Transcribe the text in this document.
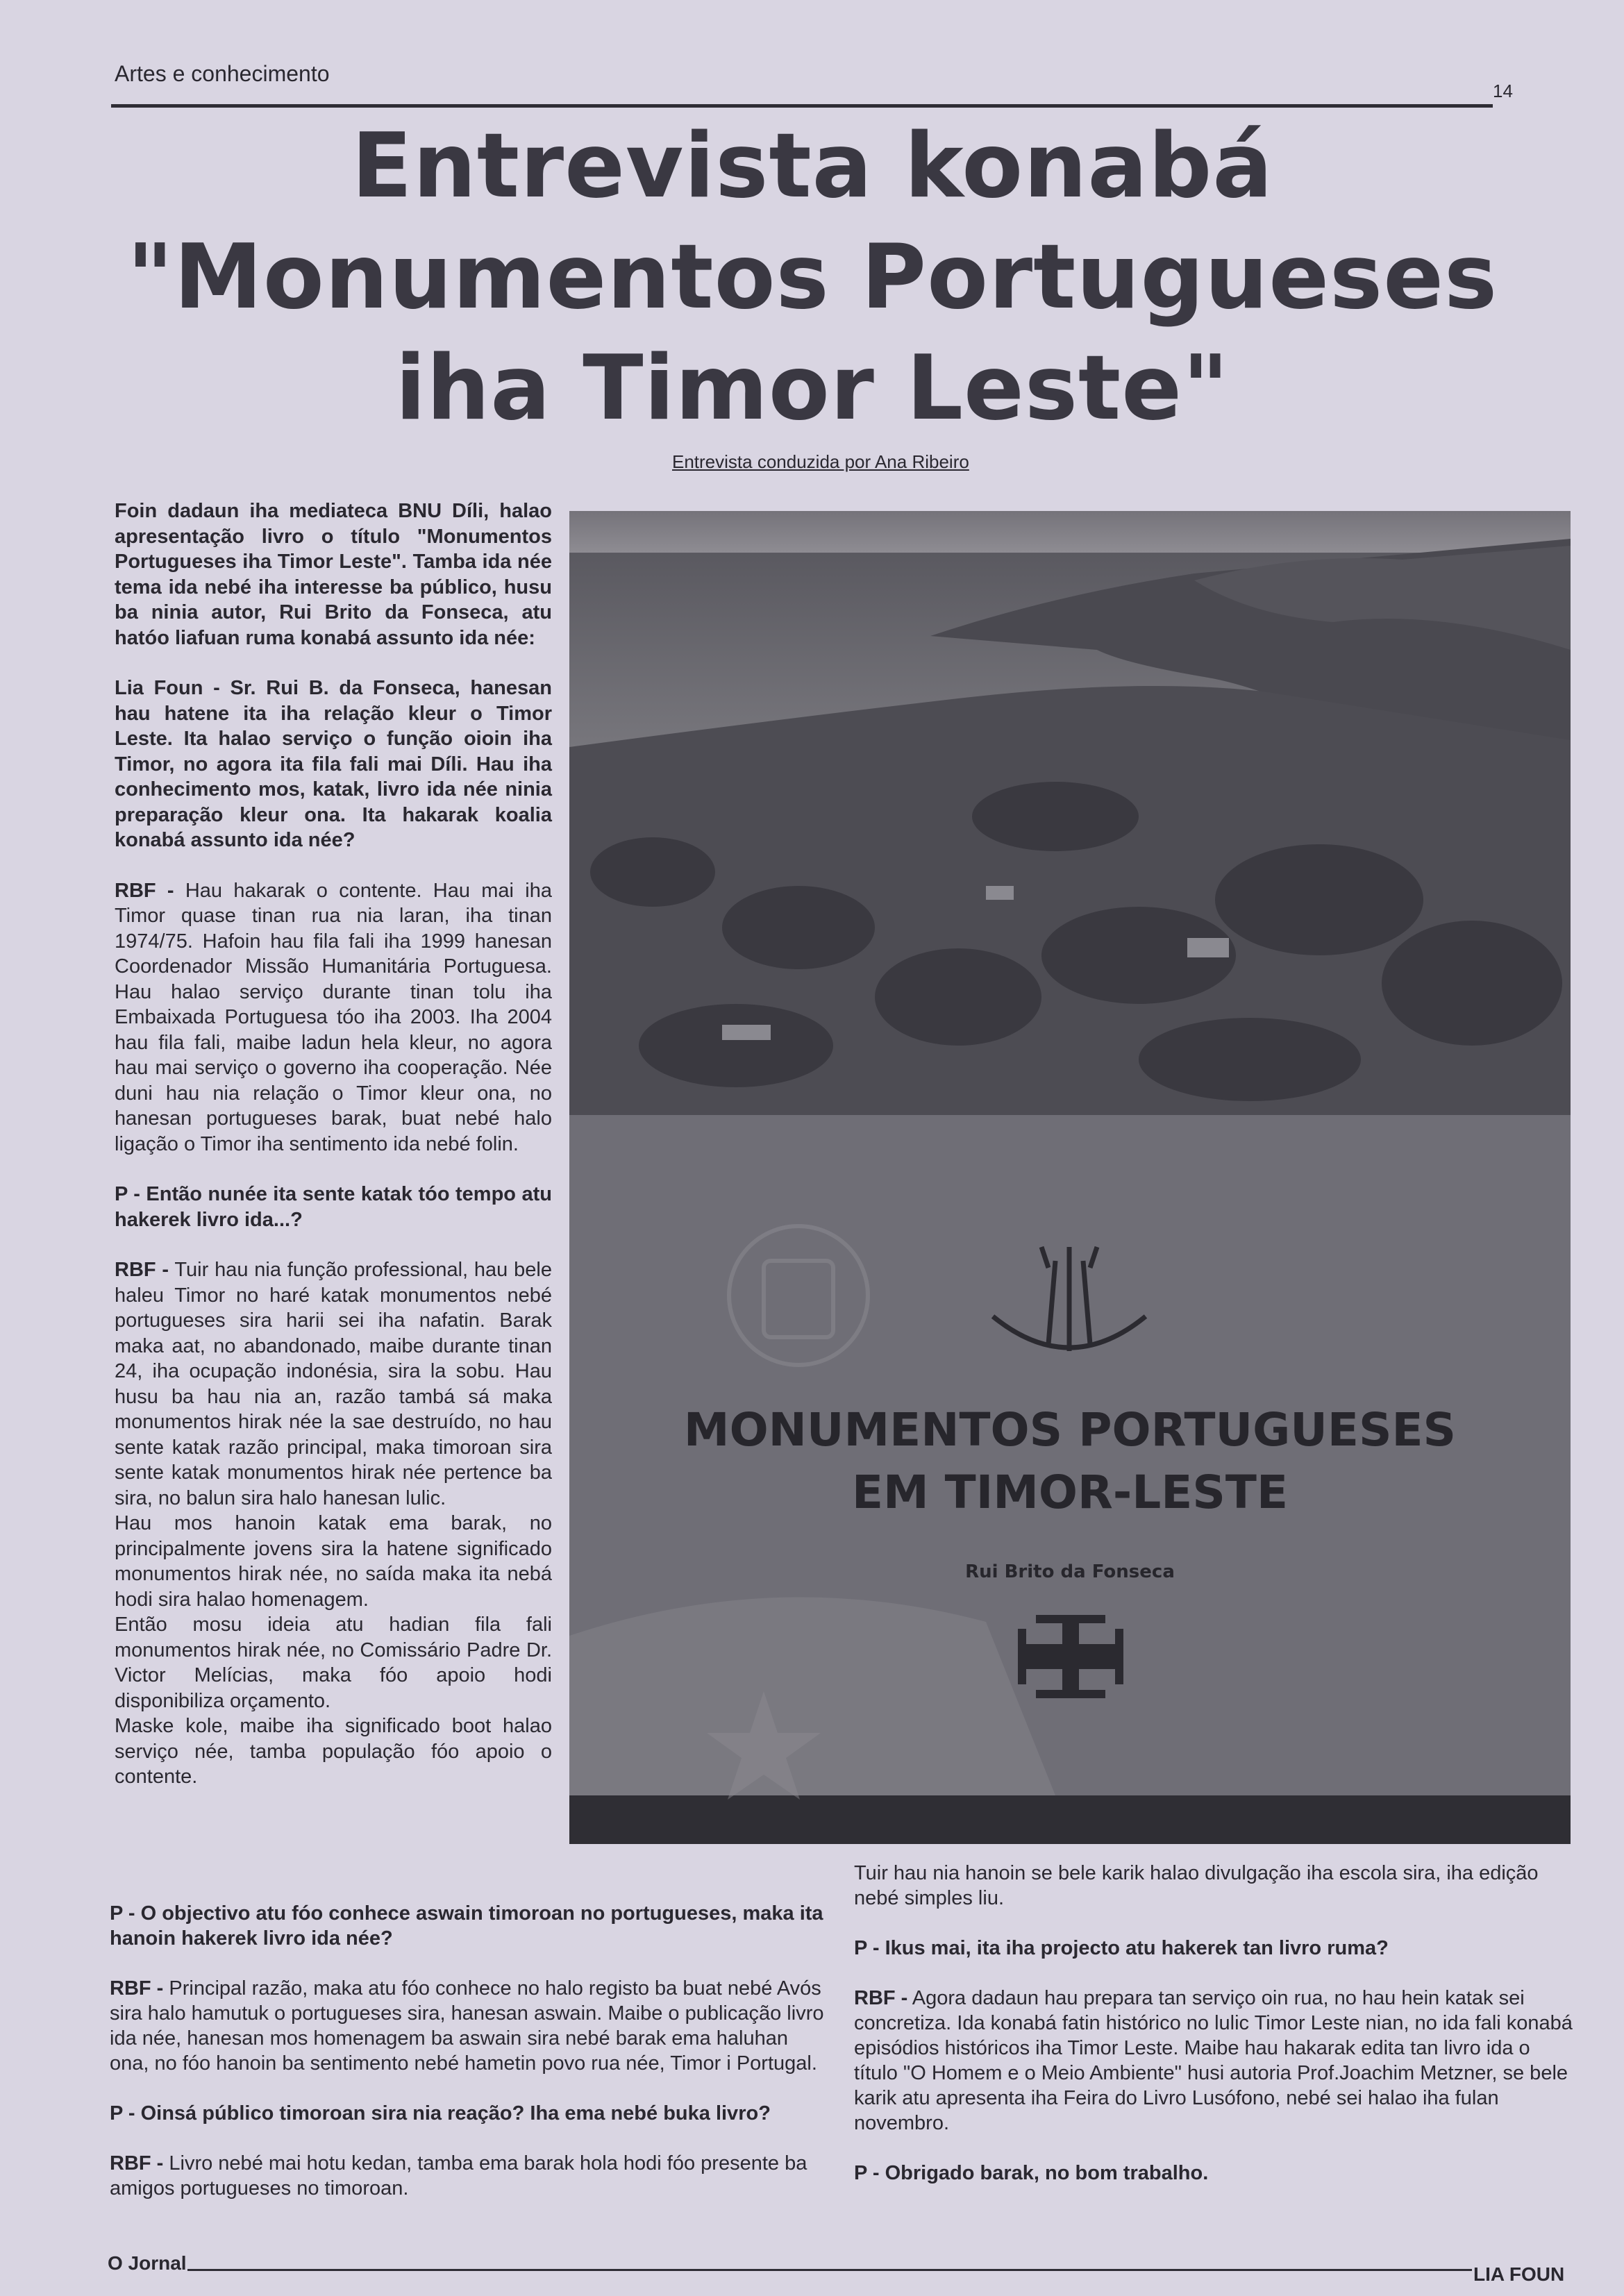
Artes e conhecimento
14
Entrevista konabá
"Monumentos Portugueses
iha Timor Leste"
Entrevista conduzida por Ana Ribeiro

Foin dadaun iha mediateca BNU Díli, halao apresentação livro o título "Monumentos Portugueses iha Timor Leste". Tamba ida née tema ida nebé iha interesse ba público, husu ba ninia autor, Rui Brito da Fonseca, atu hatóo liafuan ruma konabá assunto ida née:

Lia Foun - Sr. Rui B. da Fonseca, hanesan hau hatene ita iha relação kleur o Timor Leste. Ita halao serviço o função oioin iha Timor, no agora ita fila fali mai Díli. Hau iha conhecimento mos, katak, livro ida née ninia preparação kleur ona. Ita hakarak koalia konabá assunto ida née?

RBF - Hau hakarak o contente. Hau mai iha Timor quase tinan rua nia laran, iha tinan 1974/75. Hafoin hau fila fali iha 1999 hanesan Coordenador Missão Humanitária Portuguesa. Hau halao serviço durante tinan tolu iha Embaixada Portuguesa tóo iha 2003. Iha 2004 hau fila fali, maibe ladun hela kleur, no agora hau mai serviço o governo iha cooperação. Née duni hau nia relação o Timor kleur ona, no hanesan portugueses barak, buat nebé halo ligação o Timor iha sentimento ida nebé folin.

P - Então nunée ita sente katak tóo tempo atu hakerek livro ida...?

RBF - Tuir hau nia função professional, hau bele haleu Timor no haré katak monumentos nebé portugueses sira harii sei iha nafatin. Barak maka aat, no abandonado, maibe durante tinan 24, iha ocupação indonésia, sira la sobu. Hau husu ba hau nia an, razão tambá sá maka monumentos hirak née la sae destruído, no hau sente katak razão principal, maka timoroan sira sente katak monumentos hirak née pertence ba sira, no balun sira halo hanesan lulic.

Hau mos hanoin katak ema barak, no principalmente jovens sira la hatene significado monumentos hirak née, no saída maka ita nebá hodi sira halao homenagem.

Então mosu ideia atu hadian fila fali monumentos hirak née, no Comissário Padre Dr. Victor Melícias, maka fóo apoio hodi disponibiliza orçamento.

Maske kole, maibe iha significado boot halao serviço née, tamba população fóo apoio o contente.

MONUMENTOS PORTUGUESES
EM TIMOR-LESTE
Rui Brito da Fonseca

P - O objectivo atu fóo conhece aswain timoroan no portugueses, maka ita hanoin hakerek livro ida née?

RBF - Principal razão, maka atu fóo conhece no halo registo ba buat nebé Avós sira halo hamutuk o portugueses sira, hanesan aswain. Maibe o publicação livro ida née, hanesan mos homenagem ba aswain sira nebé barak ema haluhan ona, no fóo hanoin ba sentimento nebé hametin povo rua née, Timor i Portugal.

P - Oinsá público timoroan sira nia reação? Iha ema nebé buka livro?

RBF - Livro nebé mai hotu kedan, tamba ema barak hola hodi fóo presente ba amigos portugueses no timoroan.

Tuir hau nia hanoin se bele karik halao divulgação iha escola sira, iha edição nebé simples liu.

P - Ikus mai, ita iha projecto atu hakerek tan livro ruma?

RBF - Agora dadaun hau prepara tan serviço oin rua, no hau hein katak sei concretiza. Ida konabá fatin histórico no lulic Timor Leste nian, no ida fali konabá episódios históricos iha Timor Leste. Maibe hau hakarak edita tan livro ida o título "O Homem e o Meio Ambiente" husi autoria Prof.Joachim Metzner, se bele karik atu apresenta iha Feira do Livro Lusófono, nebé sei halao iha fulan novembro.

P - Obrigado barak, no bom trabalho.

O Jornal
LIA FOUN
